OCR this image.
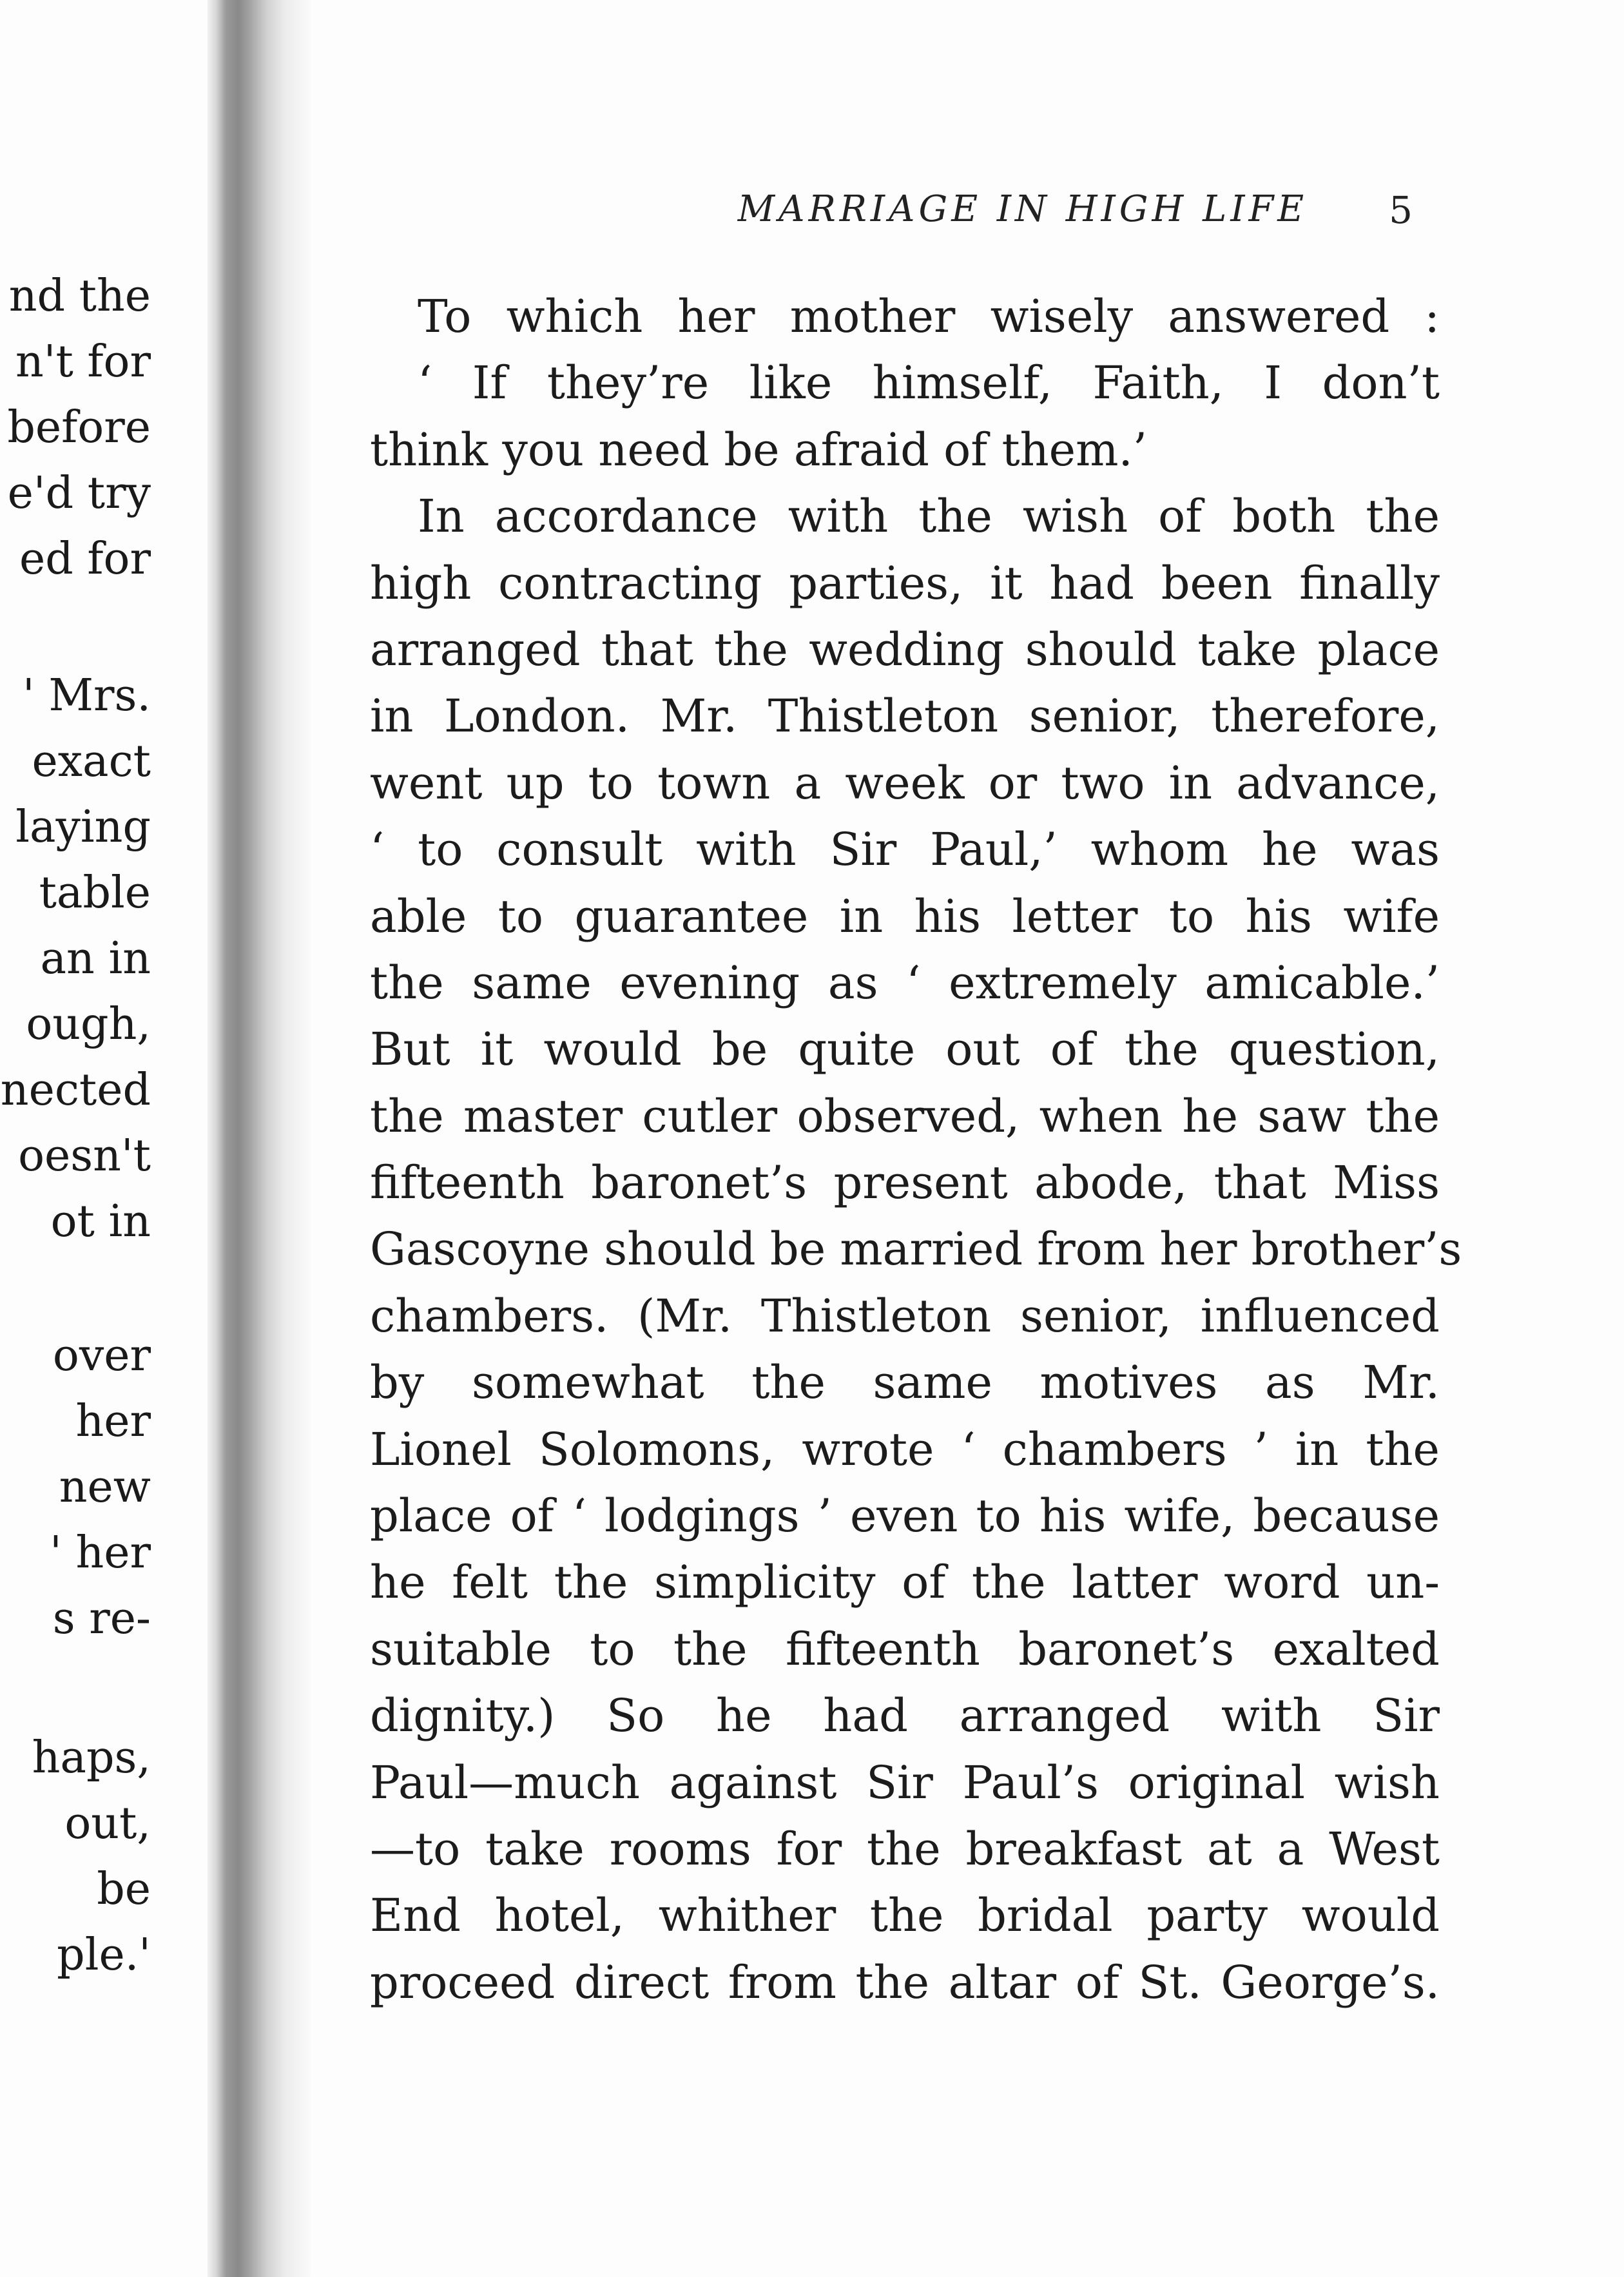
nd the
n't for
before
e'd try
ed for
' Mrs.
exact
laying
table
an in
ough,
nected
oesn't
ot in
over
her
new
' her
s re-
haps,
out,
be
ple.'
MARRIAGE IN HIGH LIFE	5
To which her mother wisely answered :
‘ If they’re like himself, Faith, I don’t
think you need be afraid of them.’
In accordance with the wish of both the
high contracting parties, it had been finally
arranged that the wedding should take place
in London. Mr. Thistleton senior, therefore,
went up to town a week or two in advance,
‘ to consult with Sir Paul,’ whom he was
able to guarantee in his letter to his wife
the same evening as ‘ extremely amicable.’
But it would be quite out of the question,
the master cutler observed, when he saw the
fifteenth baronet’s present abode, that Miss
Gascoyne should be married from her brother’s
chambers. (Mr. Thistleton senior, influenced
by somewhat the same motives as Mr.
Lionel Solomons, wrote ‘ chambers ’ in the
place of ‘ lodgings ’ even to his wife, because
he felt the simplicity of the latter word un-
suitable to the fifteenth baronet’s exalted
dignity.) So he had arranged with Sir
Paul—much against Sir Paul’s original wish
—to take rooms for the breakfast at a West
End hotel, whither the bridal party would
proceed direct from the altar of St. George’s.
